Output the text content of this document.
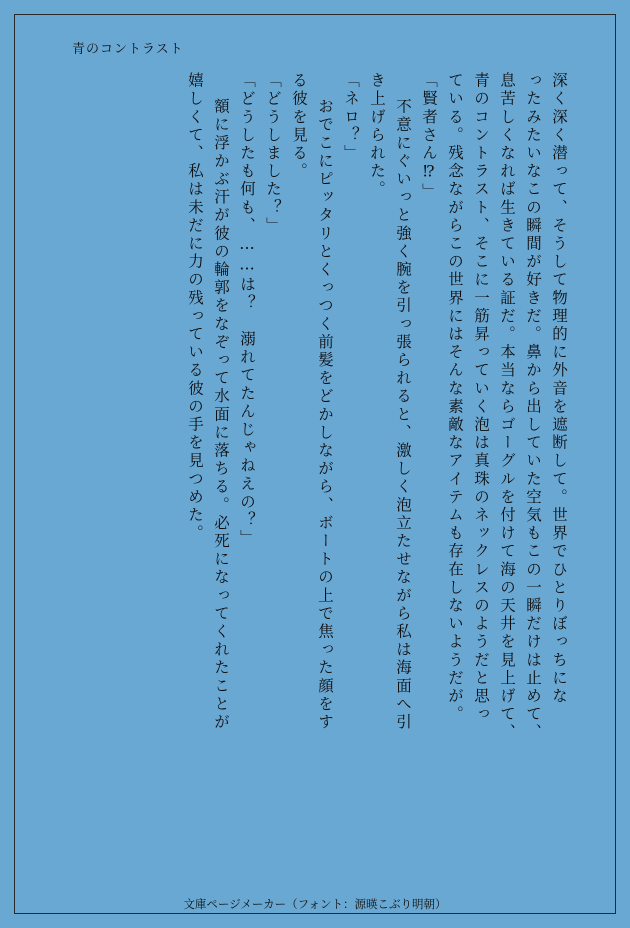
青のコントラスト
深く深く潜って、そうして物理的に外音を遮断して。世界でひとりぼっちにな
ったみたいなこの瞬間が好きだ。鼻から出していた空気もこの一瞬だけは止めて、
息苦しくなれば生きている証だ。本当ならゴーグルを付けて海の天井を見上げて、
青のコントラスト、そこに一筋昇っていく泡は真珠のネックレスのようだと思っ
ている。残念ながらこの世界にはそんな素敵なアイテムも存在しないようだが。
「賢者さん⁉」
不意にぐいっと強く腕を引っ張られると、激しく泡立たせながら私は海面へ引
き上げられた。
「ネロ？」
おでこにピッタリとくっつく前髪をどかしながら、ボートの上で焦った顔をす
る彼を見る。
「どうしました？」
「どうしたも何も、……は？　溺れてたんじゃねえの？」
額に浮かぶ汗が彼の輪郭をなぞって水面に落ちる。必死になってくれたことが
嬉しくて、私は未だに力の残っている彼の手を見つめた。
文庫ページメーカー（フォント：源暎こぶり明朝）
